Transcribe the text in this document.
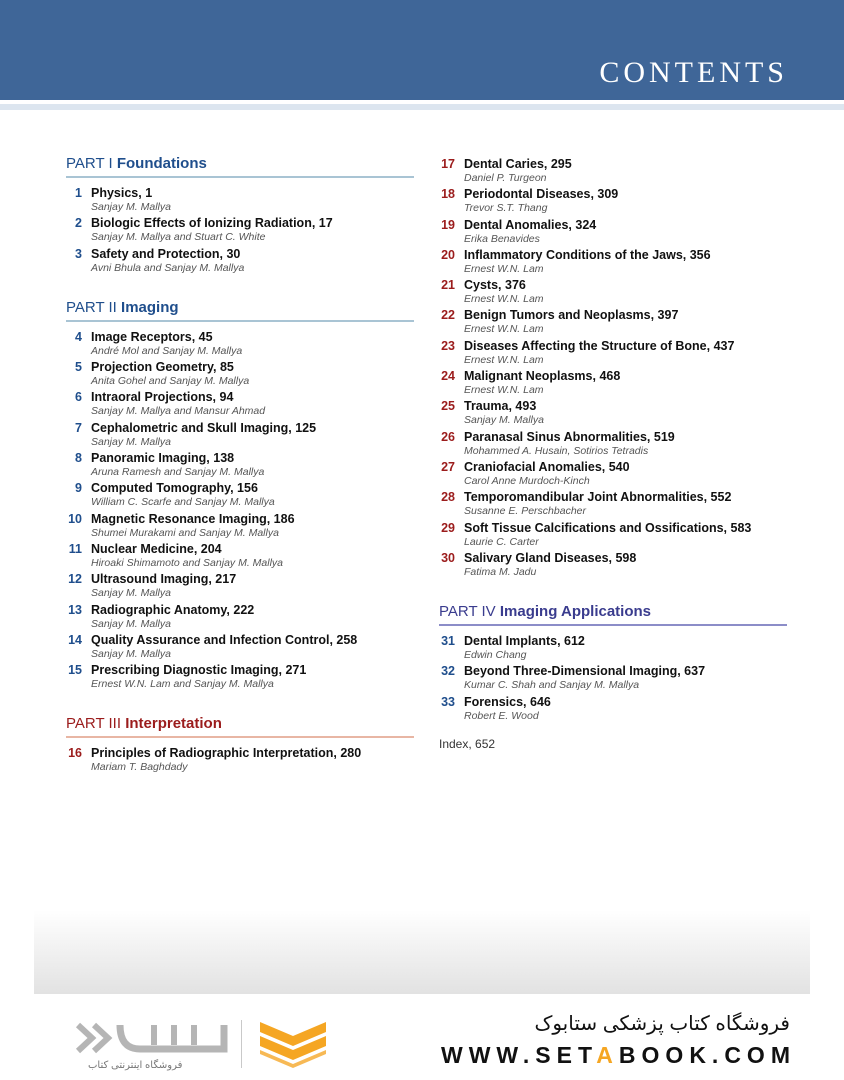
CONTENTS
PART I Foundations
1 Physics, 1
Sanjay M. Mallya
2 Biologic Effects of Ionizing Radiation, 17
Sanjay M. Mallya and Stuart C. White
3 Safety and Protection, 30
Avni Bhula and Sanjay M. Mallya
PART II Imaging
4 Image Receptors, 45
André Mol and Sanjay M. Mallya
5 Projection Geometry, 85
Anita Gohel and Sanjay M. Mallya
6 Intraoral Projections, 94
Sanjay M. Mallya and Mansur Ahmad
7 Cephalometric and Skull Imaging, 125
Sanjay M. Mallya
8 Panoramic Imaging, 138
Aruna Ramesh and Sanjay M. Mallya
9 Computed Tomography, 156
William C. Scarfe and Sanjay M. Mallya
10 Magnetic Resonance Imaging, 186
Shumei Murakami and Sanjay M. Mallya
11 Nuclear Medicine, 204
Hiroaki Shimamoto and Sanjay M. Mallya
12 Ultrasound Imaging, 217
Sanjay M. Mallya
13 Radiographic Anatomy, 222
Sanjay M. Mallya
14 Quality Assurance and Infection Control, 258
Sanjay M. Mallya
15 Prescribing Diagnostic Imaging, 271
Ernest W.N. Lam and Sanjay M. Mallya
PART III Interpretation
16 Principles of Radiographic Interpretation, 280
Mariam T. Baghdady
17 Dental Caries, 295
Daniel P. Turgeon
18 Periodontal Diseases, 309
Trevor S.T. Thang
19 Dental Anomalies, 324
Erika Benavides
20 Inflammatory Conditions of the Jaws, 356
Ernest W.N. Lam
21 Cysts, 376
Ernest W.N. Lam
22 Benign Tumors and Neoplasms, 397
Ernest W.N. Lam
23 Diseases Affecting the Structure of Bone, 437
Ernest W.N. Lam
24 Malignant Neoplasms, 468
Ernest W.N. Lam
25 Trauma, 493
Sanjay M. Mallya
26 Paranasal Sinus Abnormalities, 519
Mohammed A. Husain, Sotirios Tetradis
27 Craniofacial Anomalies, 540
Carol Anne Murdoch-Kinch
28 Temporomandibular Joint Abnormalities, 552
Susanne E. Perschbacher
29 Soft Tissue Calcifications and Ossifications, 583
Laurie C. Carter
30 Salivary Gland Diseases, 598
Fatima M. Jadu
PART IV Imaging Applications
31 Dental Implants, 612
Edwin Chang
32 Beyond Three-Dimensional Imaging, 637
Kumar C. Shah and Sanjay M. Mallya
33 Forensics, 646
Robert E. Wood
Index, 652
فروشگاه اینترنتی کتاب
فروشگاه کتاب پزشکی ستابوک
WWW.SETABOOK.COM
